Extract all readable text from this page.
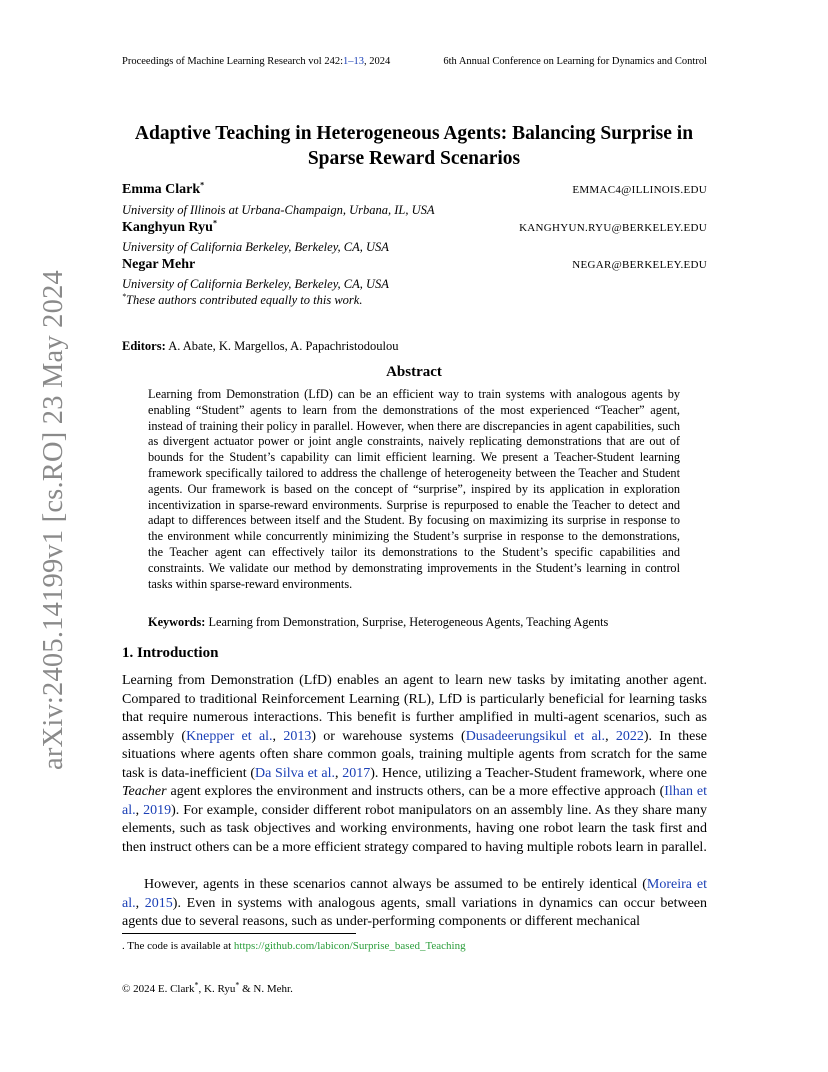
Proceedings of Machine Learning Research vol 242:1–13, 2024	6th Annual Conference on Learning for Dynamics and Control
arXiv:2405.14199v1 [cs.RO] 23 May 2024
Adaptive Teaching in Heterogeneous Agents: Balancing Surprise in
Sparse Reward Scenarios
Emma Clark*	EMMAC4@ILLINOIS.EDU
University of Illinois at Urbana-Champaign, Urbana, IL, USA
Kanghyun Ryu*	KANGHYUN.RYU@BERKELEY.EDU
University of California Berkeley, Berkeley, CA, USA
Negar Mehr	NEGAR@BERKELEY.EDU
University of California Berkeley, Berkeley, CA, USA
*These authors contributed equally to this work.
Editors: A. Abate, K. Margellos, A. Papachristodoulou
Abstract
Learning from Demonstration (LfD) can be an efficient way to train systems with analogous agents by enabling “Student” agents to learn from the demonstrations of the most experienced “Teacher” agent, instead of training their policy in parallel. However, when there are discrepancies in agent capabilities, such as divergent actuator power or joint angle constraints, naively replicating demonstrations that are out of bounds for the Student’s capability can limit efficient learning. We present a Teacher-Student learning framework specifically tailored to address the challenge of heterogeneity between the Teacher and Student agents. Our framework is based on the concept of “surprise”, inspired by its application in exploration incentivization in sparse-reward environments. Surprise is repurposed to enable the Teacher to detect and adapt to differences between itself and the Student. By focusing on maximizing its surprise in response to the environment while concurrently minimizing the Student’s surprise in response to the demonstrations, the Teacher agent can effectively tailor its demonstrations to the Student’s specific capabilities and constraints. We validate our method by demonstrating improvements in the Student’s learning in control tasks within sparse-reward environments.
Keywords: Learning from Demonstration, Surprise, Heterogeneous Agents, Teaching Agents
1. Introduction
Learning from Demonstration (LfD) enables an agent to learn new tasks by imitating another agent. Compared to traditional Reinforcement Learning (RL), LfD is particularly beneficial for learning tasks that require numerous interactions. This benefit is further amplified in multi-agent scenarios, such as assembly (Knepper et al., 2013) or warehouse systems (Dusadeerungsikul et al., 2022). In these situations where agents often share common goals, training multiple agents from scratch for the same task is data-inefficient (Da Silva et al., 2017). Hence, utilizing a Teacher-Student framework, where one Teacher agent explores the environment and instructs others, can be a more effective approach (Ilhan et al., 2019). For example, consider different robot manipulators on an assembly line. As they share many elements, such as task objectives and working environments, having one robot learn the task first and then instruct others can be a more efficient strategy compared to having multiple robots learn in parallel.
However, agents in these scenarios cannot always be assumed to be entirely identical (Moreira et al., 2015). Even in systems with analogous agents, small variations in dynamics can occur between agents due to several reasons, such as under-performing components or different mechanical
. The code is available at https://github.com/labicon/Surprise_based_Teaching
© 2024 E. Clark*, K. Ryu* & N. Mehr.
